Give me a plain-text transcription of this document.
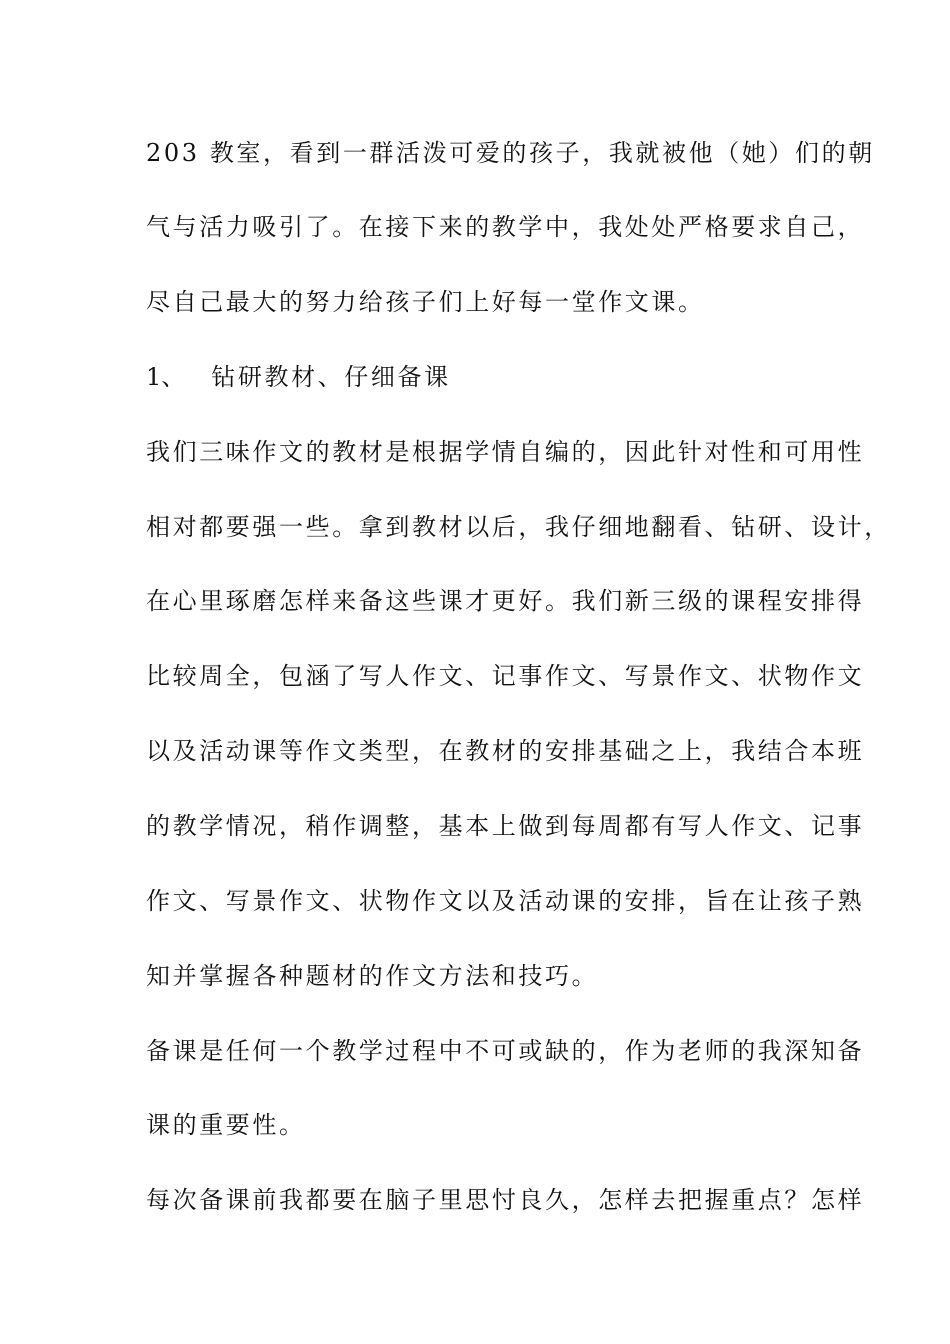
203 教室，看到一群活泼可爱的孩子，我就被他（她）们的朝
气与活力吸引了。在接下来的教学中，我处处严格要求自己，
尽自己最大的努力给孩子们上好每一堂作文课。
1、 钻研教材、仔细备课
我们三味作文的教材是根据学情自编的，因此针对性和可用性
相对都要强一些。拿到教材以后，我仔细地翻看、钻研、设计，
在心里琢磨怎样来备这些课才更好。我们新三级的课程安排得
比较周全，包涵了写人作文、记事作文、写景作文、状物作文
以及活动课等作文类型，在教材的安排基础之上，我结合本班
的教学情况，稍作调整，基本上做到每周都有写人作文、记事
作文、写景作文、状物作文以及活动课的安排，旨在让孩子熟
知并掌握各种题材的作文方法和技巧。
备课是任何一个教学过程中不可或缺的，作为老师的我深知备
课的重要性。
每次备课前我都要在脑子里思忖良久，怎样去把握重点？怎样
